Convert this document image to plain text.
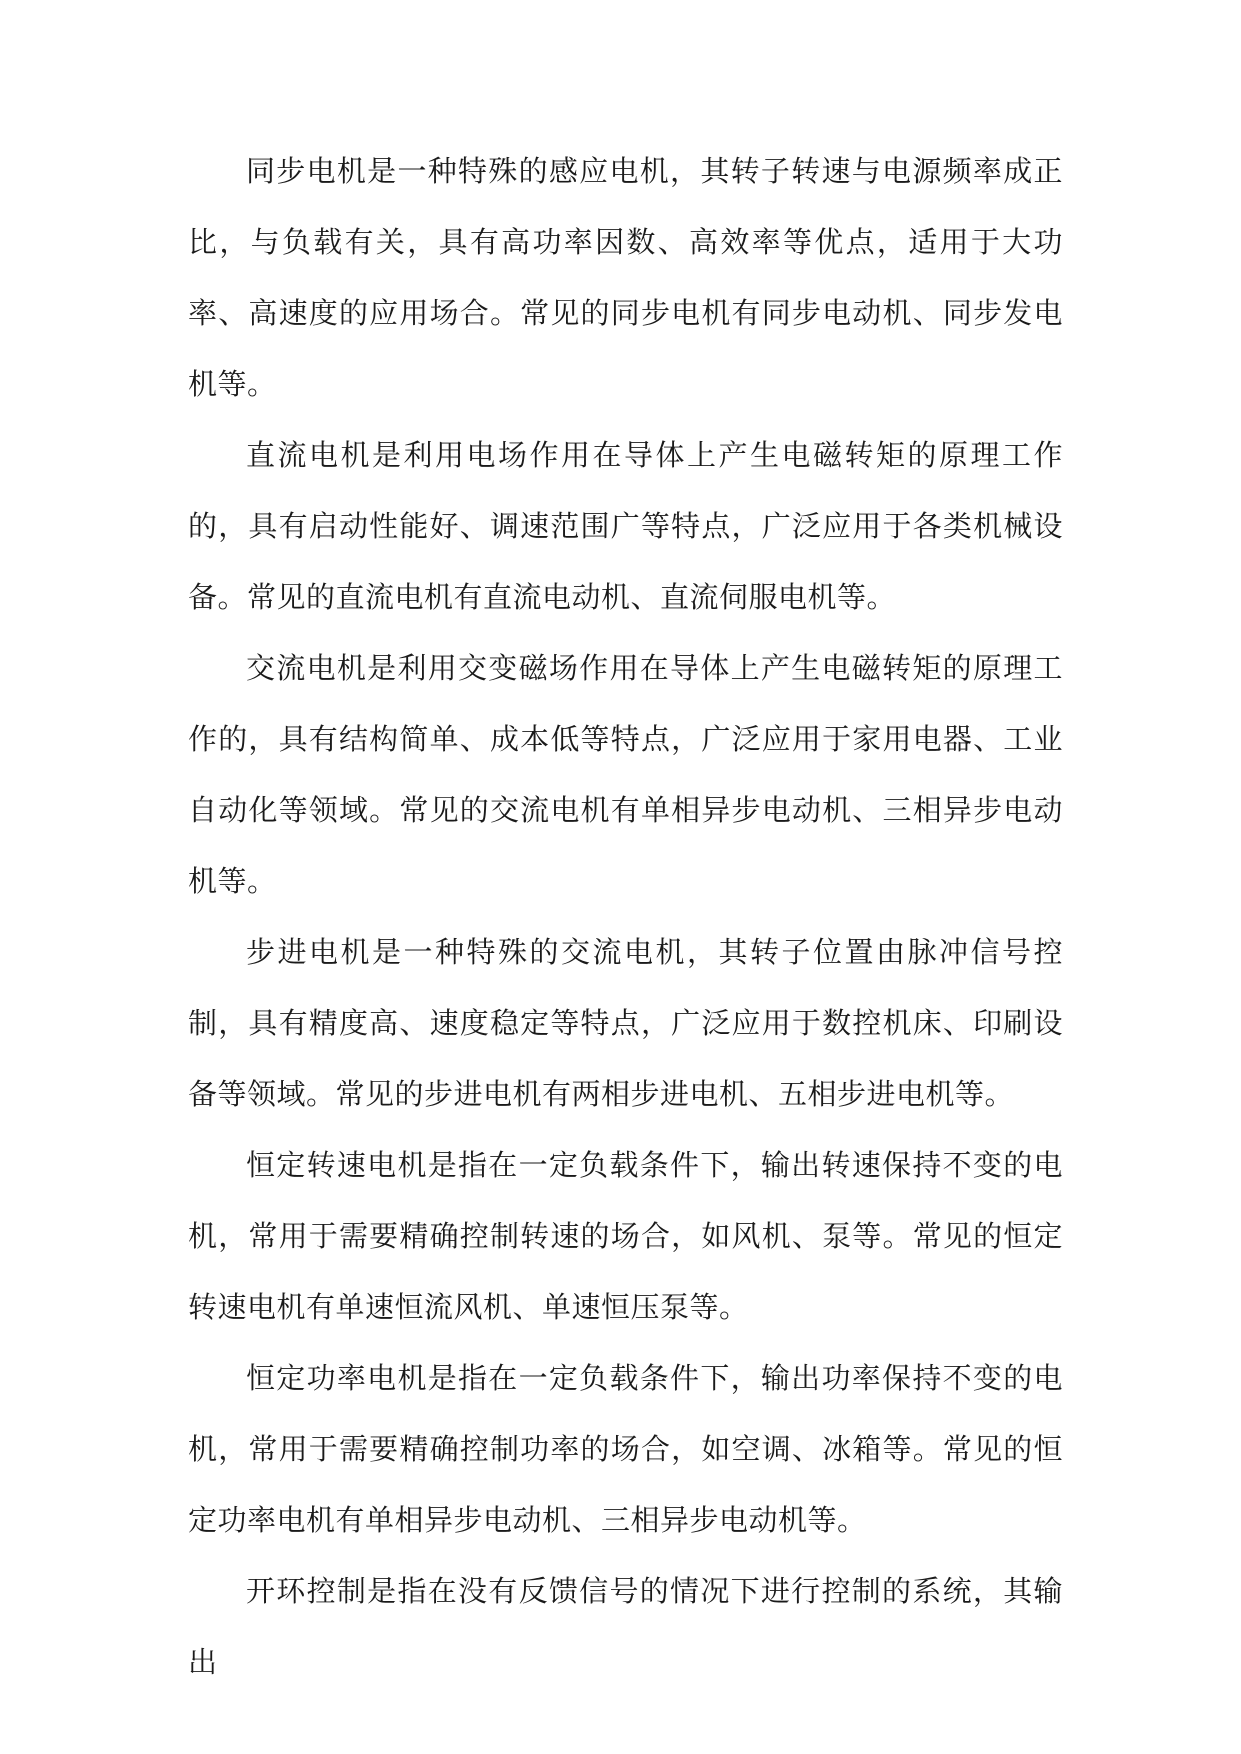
同步电机是一种特殊的感应电机，其转子转速与电源频率成正比，与负载有关，具有高功率因数、高效率等优点，适用于大功率、高速度的应用场合。常见的同步电机有同步电动机、同步发电机等。

直流电机是利用电场作用在导体上产生电磁转矩的原理工作的，具有启动性能好、调速范围广等特点，广泛应用于各类机械设备。常见的直流电机有直流电动机、直流伺服电机等。

交流电机是利用交变磁场作用在导体上产生电磁转矩的原理工作的，具有结构简单、成本低等特点，广泛应用于家用电器、工业自动化等领域。常见的交流电机有单相异步电动机、三相异步电动机等。

步进电机是一种特殊的交流电机，其转子位置由脉冲信号控制，具有精度高、速度稳定等特点，广泛应用于数控机床、印刷设备等领域。常见的步进电机有两相步进电机、五相步进电机等。

恒定转速电机是指在一定负载条件下，输出转速保持不变的电机，常用于需要精确控制转速的场合，如风机、泵等。常见的恒定转速电机有单速恒流风机、单速恒压泵等。

恒定功率电机是指在一定负载条件下，输出功率保持不变的电机，常用于需要精确控制功率的场合，如空调、冰箱等。常见的恒定功率电机有单相异步电动机、三相异步电动机等。

开环控制是指在没有反馈信号的情况下进行控制的系统，其输出
